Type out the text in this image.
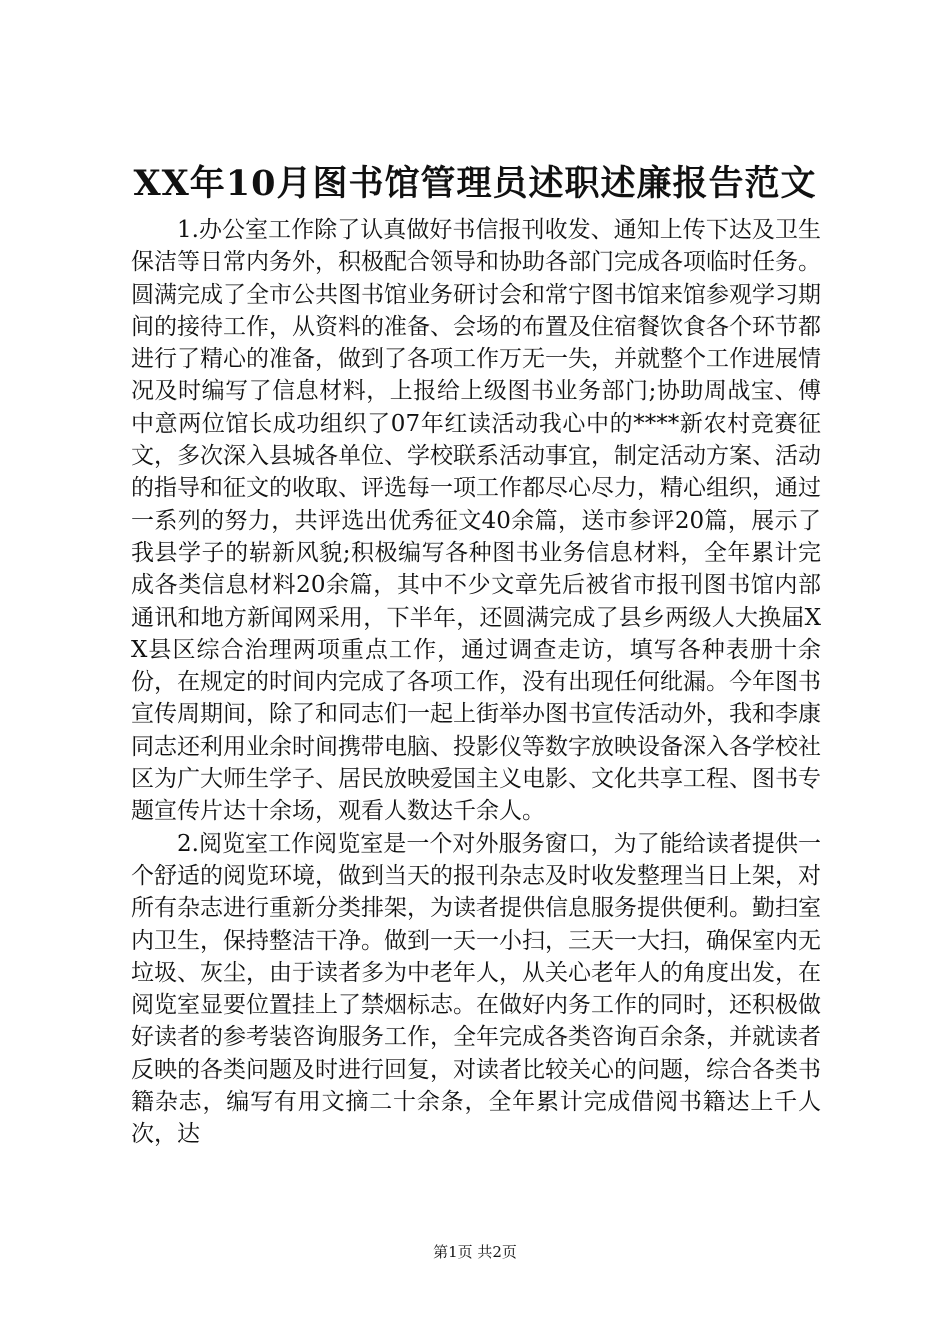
XX年10月图书馆管理员述职述廉报告范文

1.办公室工作除了认真做好书信报刊收发、通知上传下达及卫生保洁等日常内务外，积极配合领导和协助各部门完成各项临时任务。圆满完成了全市公共图书馆业务研讨会和常宁图书馆来馆参观学习期间的接待工作，从资料的准备、会场的布置及住宿餐饮食各个环节都进行了精心的准备，做到了各项工作万无一失，并就整个工作进展情况及时编写了信息材料，上报给上级图书业务部门;协助周战宝、傅中意两位馆长成功组织了07年红读活动我心中的****新农村竞赛征文，多次深入县城各单位、学校联系活动事宜，制定活动方案、活动的指导和征文的收取、评选每一项工作都尽心尽力，精心组织，通过一系列的努力，共评选出优秀征文40余篇，送市参评20篇，展示了我县学子的崭新风貌;积极编写各种图书业务信息材料，全年累计完成各类信息材料20余篇，其中不少文章先后被省市报刊图书馆内部通讯和地方新闻网采用，下半年，还圆满完成了县乡两级人大换届XX县区综合治理两项重点工作，通过调查走访，填写各种表册十余份，在规定的时间内完成了各项工作，没有出现任何纰漏。今年图书宣传周期间，除了和同志们一起上街举办图书宣传活动外，我和李康同志还利用业余时间携带电脑、投影仪等数字放映设备深入各学校社区为广大师生学子、居民放映爱国主义电影、文化共享工程、图书专题宣传片达十余场，观看人数达千余人。

2.阅览室工作阅览室是一个对外服务窗口，为了能给读者提供一个舒适的阅览环境，做到当天的报刊杂志及时收发整理当日上架，对所有杂志进行重新分类排架，为读者提供信息服务提供便利。勤扫室内卫生，保持整洁干净。做到一天一小扫，三天一大扫，确保室内无垃圾、灰尘，由于读者多为中老年人，从关心老年人的角度出发，在阅览室显要位置挂上了禁烟标志。在做好内务工作的同时，还积极做好读者的参考装咨询服务工作，全年完成各类咨询百余条，并就读者反映的各类问题及时进行回复，对读者比较关心的问题，综合各类书籍杂志，编写有用文摘二十余条，全年累计完成借阅书籍达上千人次，达

第1页 共2页
